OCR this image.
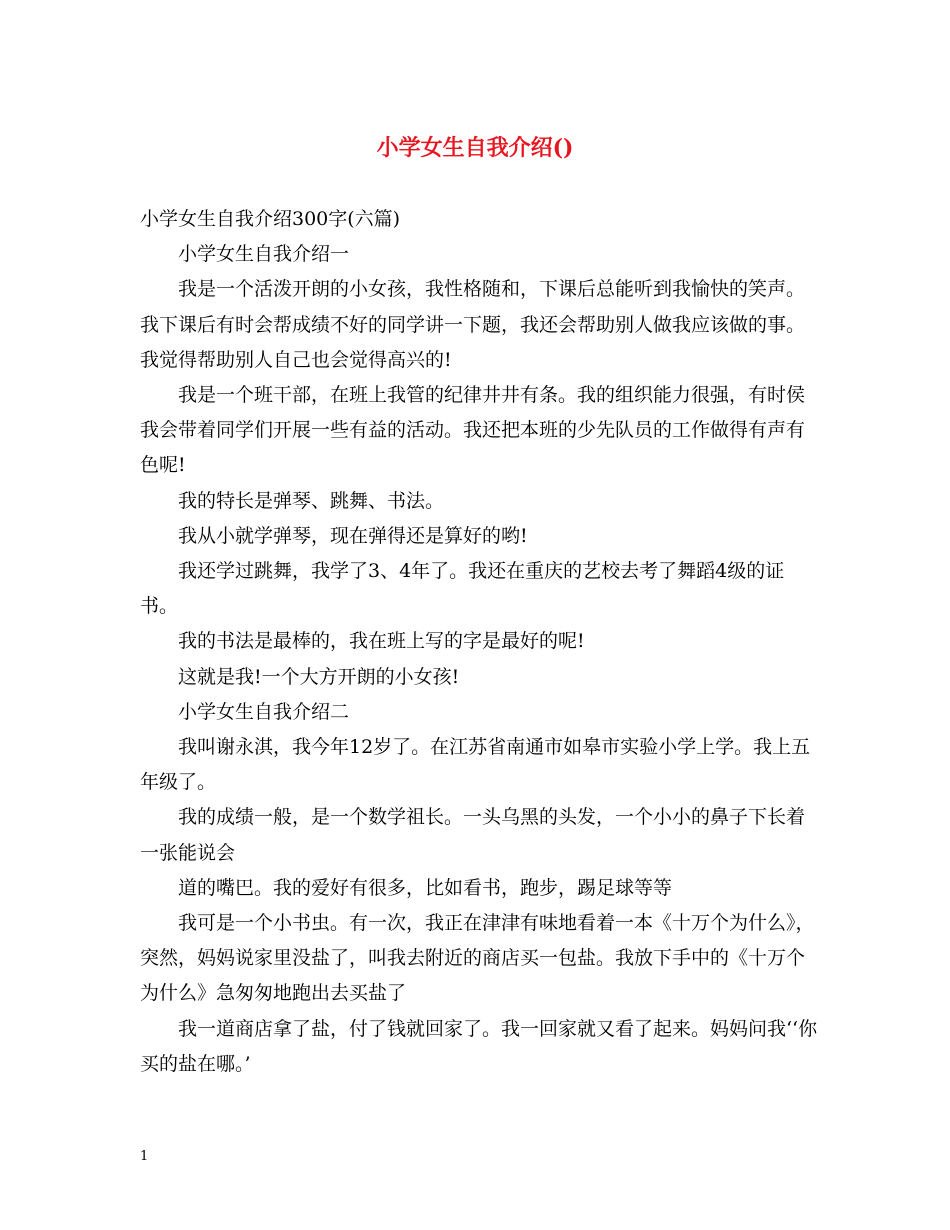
小学女生自我介绍()

小学女生自我介绍300字(六篇)

小学女生自我介绍一

我是一个活泼开朗的小女孩，我性格随和，下课后总能听到我愉快的笑声。我下课后有时会帮成绩不好的同学讲一下题，我还会帮助别人做我应该做的事。我觉得帮助别人自己也会觉得高兴的!

我是一个班干部，在班上我管的纪律井井有条。我的组织能力很强，有时侯我会带着同学们开展一些有益的活动。我还把本班的少先队员的工作做得有声有色呢!

我的特长是弹琴、跳舞、书法。

我从小就学弹琴，现在弹得还是算好的哟!

我还学过跳舞，我学了3、4年了。我还在重庆的艺校去考了舞蹈4级的证书。

我的书法是最棒的，我在班上写的字是最好的呢!

这就是我!一个大方开朗的小女孩!

小学女生自我介绍二

我叫谢永淇，我今年12岁了。在江苏省南通市如皋市实验小学上学。我上五年级了。

我的成绩一般，是一个数学祖长。一头乌黑的头发，一个小小的鼻子下长着一张能说会

道的嘴巴。我的爱好有很多，比如看书，跑步，踢足球等等

我可是一个小书虫。有一次，我正在津津有味地看着一本《十万个为什么》，突然，妈妈说家里没盐了，叫我去附近的商店买一包盐。我放下手中的《十万个为什么》急匆匆地跑出去买盐了

我一道商店拿了盐，付了钱就回家了。我一回家就又看了起来。妈妈问我‘‘你买的盐在哪。’

1
